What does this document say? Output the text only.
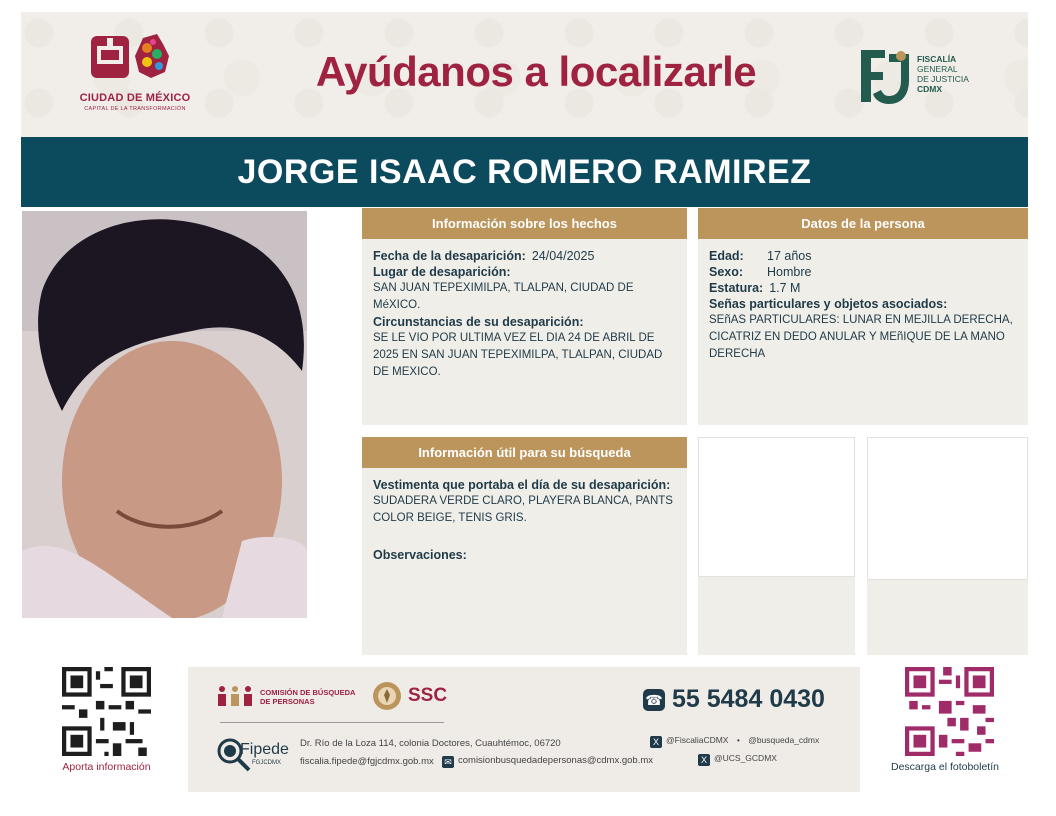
CIUDAD DE MÉXICO
CAPITAL DE LA TRANSFORMACIÓN
Ayúdanos a localizarle	FISCALÍA
GENERAL
DE JUSTICIA
CDMX
JORGE ISAAC ROMERO RAMIREZ
Información sobre los hechos
Fecha de la desaparición: 24/04/2025
Lugar de desaparición:
SAN JUAN TEPEXIMILPA, TLALPAN, CIUDAD DE MéXICO.
Circunstancias de su desaparición:
SE LE VIO POR ULTIMA VEZ EL DIA 24 DE ABRIL DE 2025 EN SAN JUAN TEPEXIMILPA, TLALPAN, CIUDAD DE MEXICO.
Datos de la persona
Edad:	17 años
Sexo:	Hombre
Estatura: 1.7 M
Señas particulares y objetos asociados:
SEñAS PARTICULARES: LUNAR EN MEJILLA DERECHA, CICATRIZ EN DEDO ANULAR Y MEñIQUE DE LA MANO DERECHA
Información útil para su búsqueda
Vestimenta que portaba el día de su desaparición:
SUDADERA VERDE CLARO, PLAYERA BLANCA, PANTS COLOR BEIGE, TENIS GRIS.
Observaciones:
Aporta información
COMISIÓN DE BÚSQUEDA
DE PERSONAS	SSC
Fipede
FGJCDMX
Dr. Río de la Loza 114, colonia Doctores, Cuauhtémoc, 06720
fiscalia.fipede@fgjcdmx.gob.mx ✉ comisionbusquedadepersonas@cdmx.gob.mx
☎ 55 5484 0430
X @FiscaliaCDMX • @busqueda_cdmx
X @UCS_GCDMX
Descarga el fotoboletín
